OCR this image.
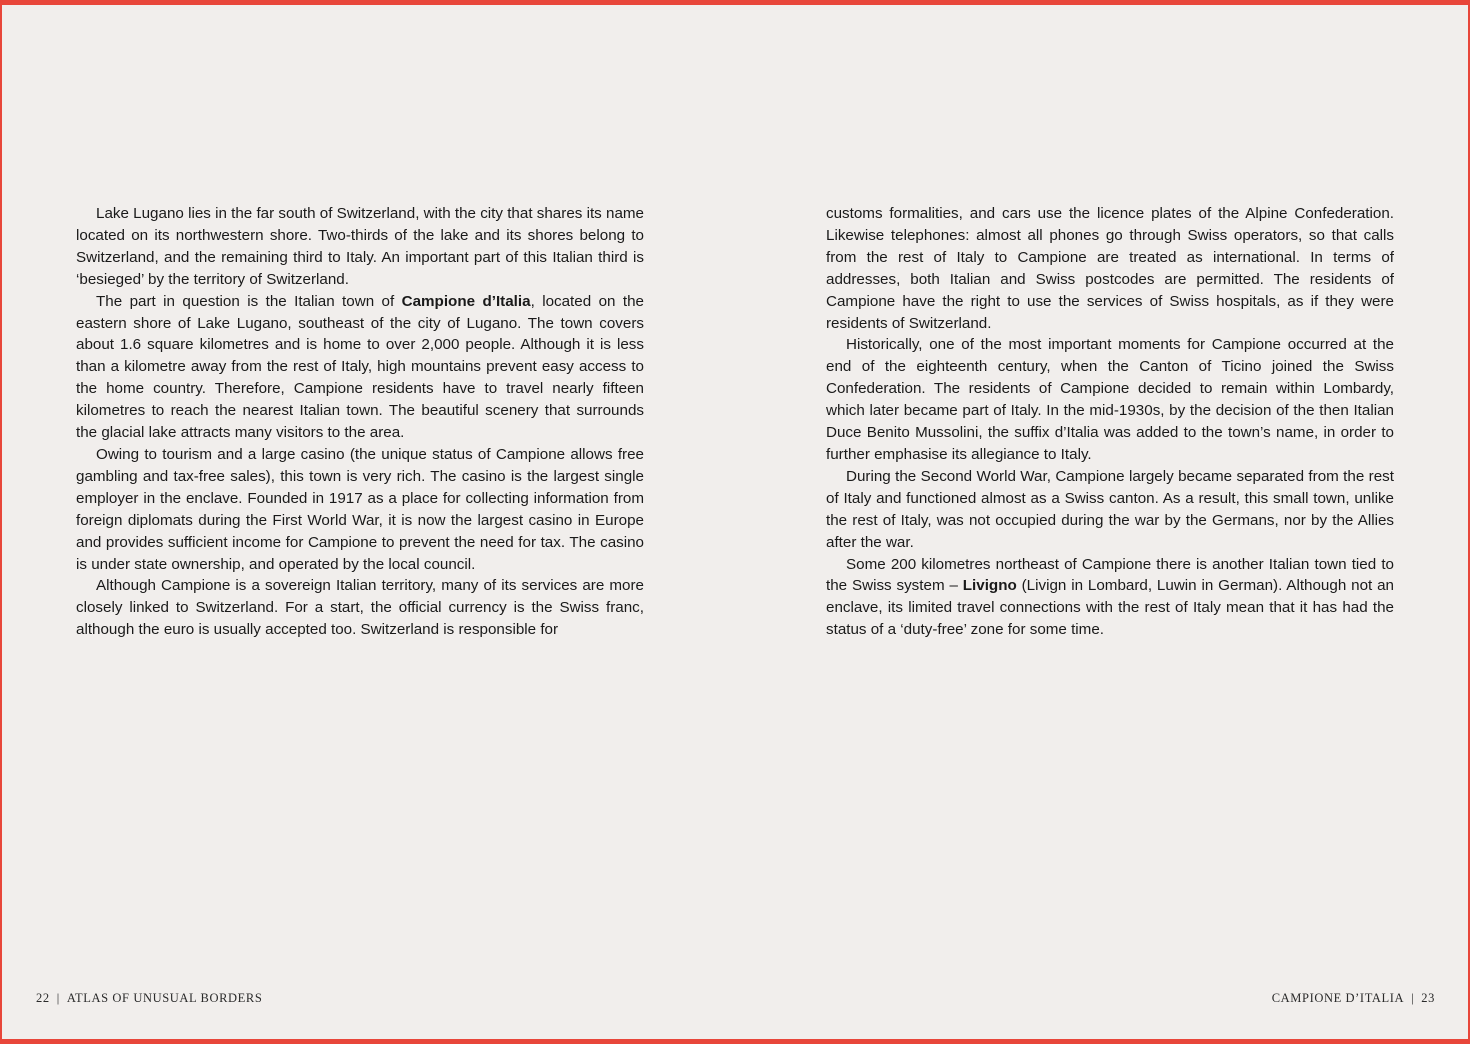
Lake Lugano lies in the far south of Switzerland, with the city that shares its name located on its northwestern shore. Two-thirds of the lake and its shores belong to Switzerland, and the remaining third to Italy. An important part of this Italian third is ‘besieged’ by the territory of Switzerland.

The part in question is the Italian town of Campione d’Italia, located on the eastern shore of Lake Lugano, southeast of the city of Lugano. The town covers about 1.6 square kilometres and is home to over 2,000 people. Although it is less than a kilometre away from the rest of Italy, high mountains prevent easy access to the home country. Therefore, Campione residents have to travel nearly fifteen kilometres to reach the nearest Italian town. The beautiful scenery that surrounds the glacial lake attracts many visitors to the area.

Owing to tourism and a large casino (the unique status of Campione allows free gambling and tax-free sales), this town is very rich. The casino is the largest single employer in the enclave. Founded in 1917 as a place for collecting information from foreign diplomats during the First World War, it is now the largest casino in Europe and provides sufficient income for Campione to prevent the need for tax. The casino is under state ownership, and operated by the local council.

Although Campione is a sovereign Italian territory, many of its services are more closely linked to Switzerland. For a start, the official currency is the Swiss franc, although the euro is usually accepted too. Switzerland is responsible for

customs formalities, and cars use the licence plates of the Alpine Confederation. Likewise telephones: almost all phones go through Swiss operators, so that calls from the rest of Italy to Campione are treated as international. In terms of addresses, both Italian and Swiss postcodes are permitted. The residents of Campione have the right to use the services of Swiss hospitals, as if they were residents of Switzerland.

Historically, one of the most important moments for Campione occurred at the end of the eighteenth century, when the Canton of Ticino joined the Swiss Confederation. The residents of Campione decided to remain within Lombardy, which later became part of Italy. In the mid-1930s, by the decision of the then Italian Duce Benito Mussolini, the suffix d’Italia was added to the town’s name, in order to further emphasise its allegiance to Italy.

During the Second World War, Campione largely became separated from the rest of Italy and functioned almost as a Swiss canton. As a result, this small town, unlike the rest of Italy, was not occupied during the war by the Germans, nor by the Allies after the war.

Some 200 kilometres northeast of Campione there is another Italian town tied to the Swiss system – Livigno (Livign in Lombard, Luwin in German). Although not an enclave, its limited travel connections with the rest of Italy mean that it has had the status of a ‘duty-free’ zone for some time.

22 | ATLAS OF UNUSUAL BORDERS	CAMPIONE D’ITALIA | 23
